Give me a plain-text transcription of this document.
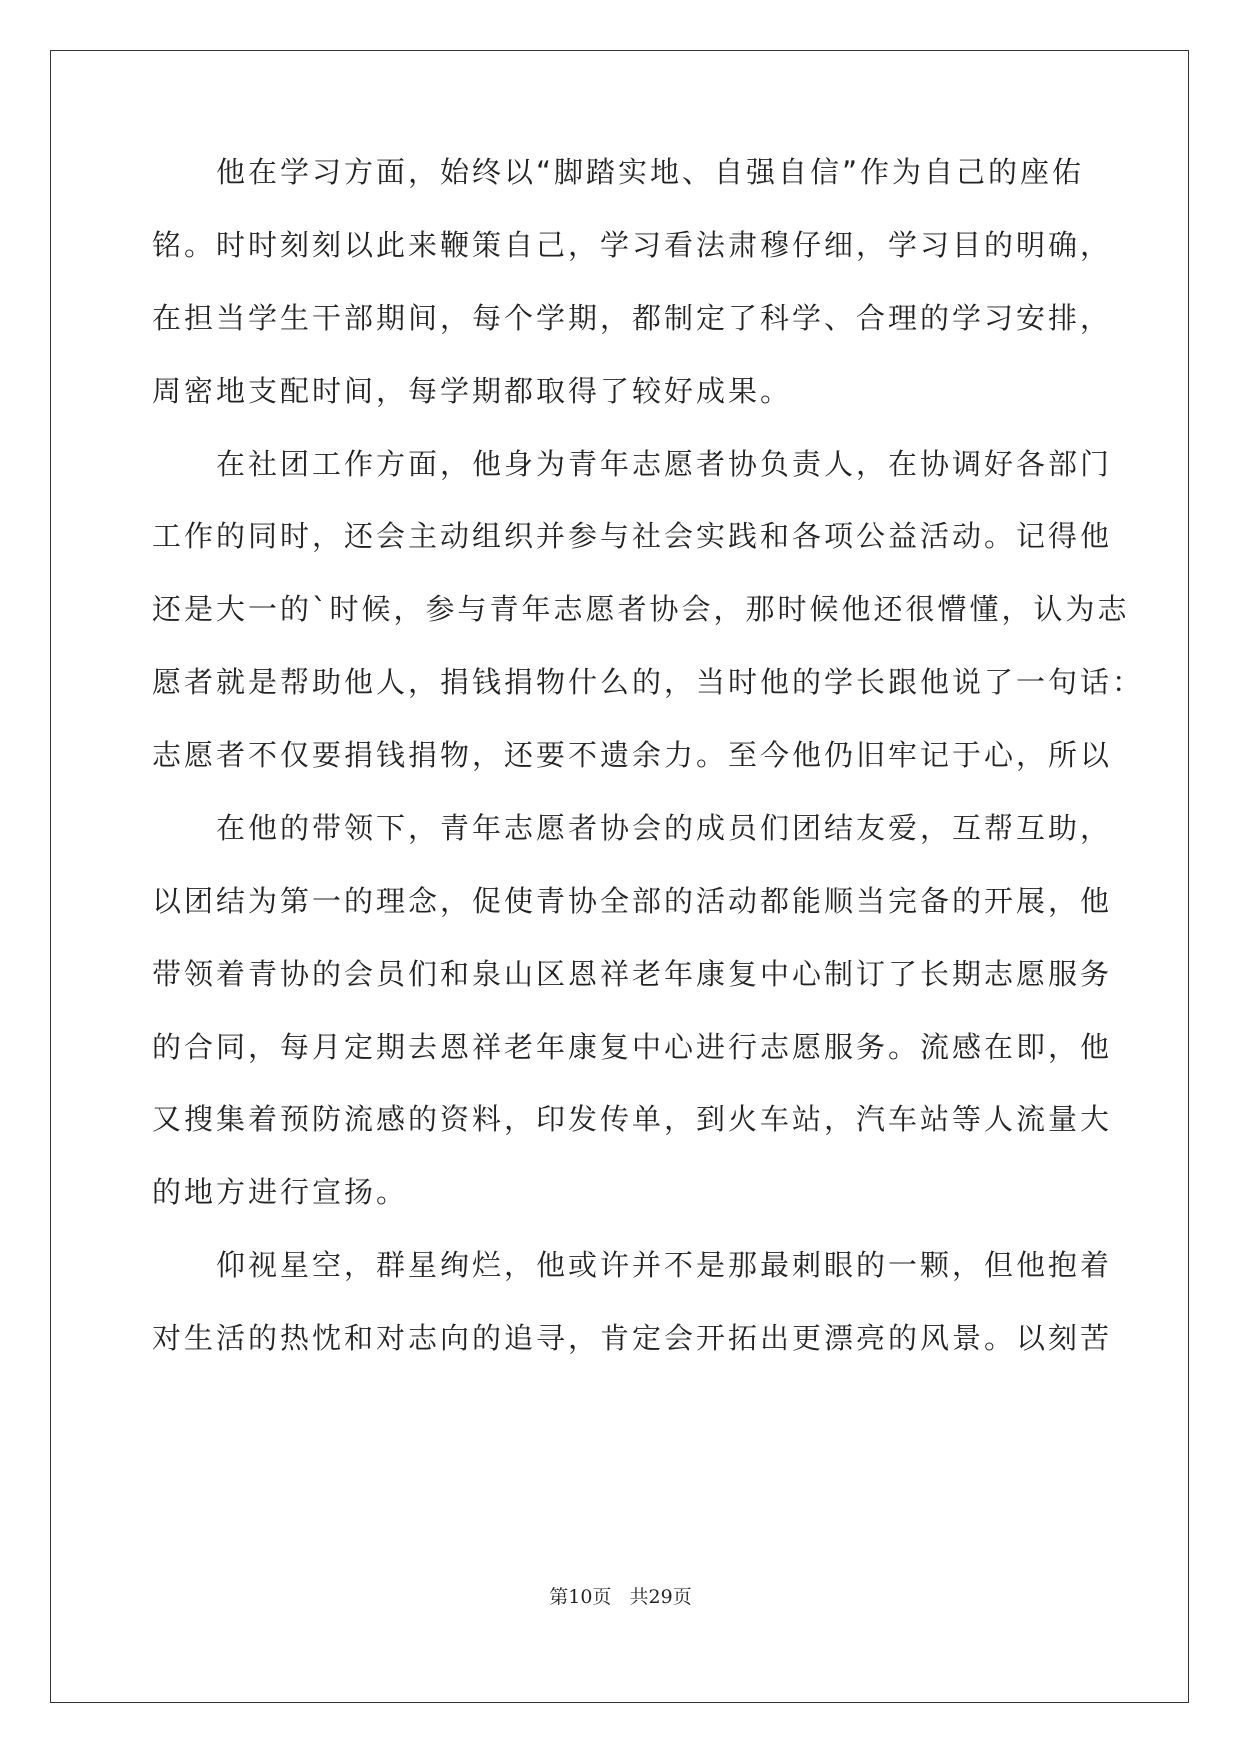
他在学习方面，始终以“脚踏实地、自强自信”作为自己的座佑
铭。时时刻刻以此来鞭策自己，学习看法肃穆仔细，学习目的明确，
在担当学生干部期间，每个学期，都制定了科学、合理的学习安排，
周密地支配时间，每学期都取得了较好成果。
在社团工作方面，他身为青年志愿者协负责人，在协调好各部门
工作的同时，还会主动组织并参与社会实践和各项公益活动。记得他
还是大一的`时候，参与青年志愿者协会，那时候他还很懵懂，认为志
愿者就是帮助他人，捐钱捐物什么的，当时他的学长跟他说了一句话：
志愿者不仅要捐钱捐物，还要不遗余力。至今他仍旧牢记于心，所以
在他的带领下，青年志愿者协会的成员们团结友爱，互帮互助，
以团结为第一的理念，促使青协全部的活动都能顺当完备的开展，他
带领着青协的会员们和泉山区恩祥老年康复中心制订了长期志愿服务
的合同，每月定期去恩祥老年康复中心进行志愿服务。流感在即，他
又搜集着预防流感的资料，印发传单，到火车站，汽车站等人流量大
的地方进行宣扬。
仰视星空，群星绚烂，他或许并不是那最刺眼的一颗，但他抱着
对生活的热忱和对志向的追寻，肯定会开拓出更漂亮的风景。以刻苦
第10页   共29页
